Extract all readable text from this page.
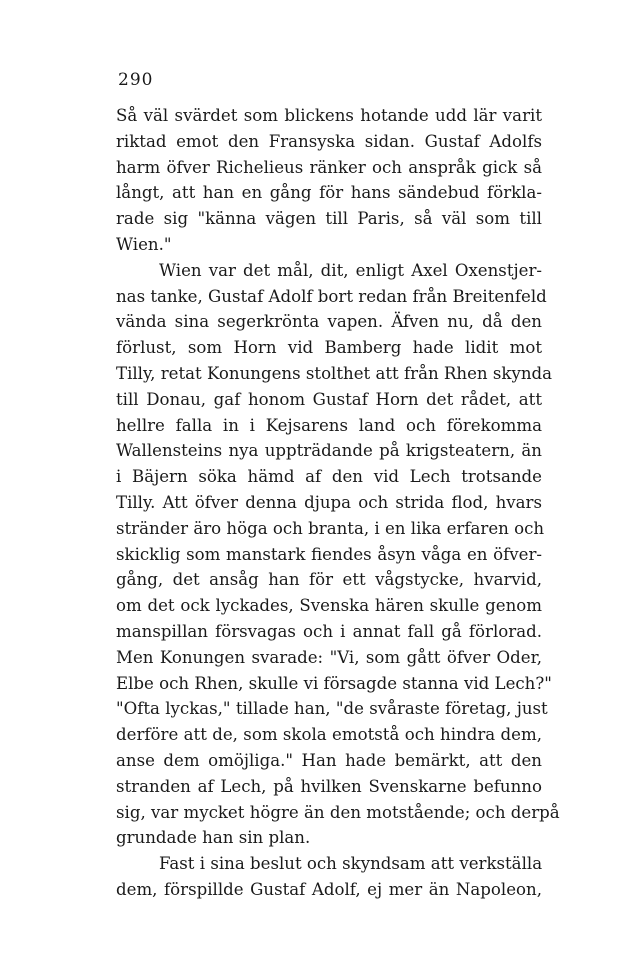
290
Så väl svärdet som blickens hotande udd lär varit
riktad emot den Fransyska sidan. Gustaf Adolfs
harm öfver Richelieus ränker och anspråk gick så
långt, att han en gång för hans sändebud förkla-
rade sig "känna vägen till Paris, så väl som till
Wien."
Wien var det mål, dit, enligt Axel Oxenstjer-
nas tanke, Gustaf Adolf bort redan från Breitenfeld
vända sina segerkrönta vapen. Äfven nu, då den
förlust, som Horn vid Bamberg hade lidit mot
Tilly, retat Konungens stolthet att från Rhen skynda
till Donau, gaf honom Gustaf Horn det rådet, att
hellre falla in i Kejsarens land och förekomma
Wallensteins nya uppträdande på krigsteatern, än
i Bäjern söka hämd af den vid Lech trotsande
Tilly. Att öfver denna djupa och strida flod, hvars
stränder äro höga och branta, i en lika erfaren och
skicklig som manstark fiendes åsyn våga en öfver-
gång, det ansåg han för ett vågstycke, hvarvid,
om det ock lyckades, Svenska hären skulle genom
manspillan försvagas och i annat fall gå förlorad.
Men Konungen svarade: "Vi, som gått öfver Oder,
Elbe och Rhen, skulle vi försagde stanna vid Lech?"
"Ofta lyckas," tillade han, "de svåraste företag, just
derföre att de, som skola emotstå och hindra dem,
anse dem omöjliga." Han hade bemärkt, att den
stranden af Lech, på hvilken Svenskarne befunno
sig, var mycket högre än den motstående; och derpå
grundade han sin plan.
Fast i sina beslut och skyndsam att verkställa
dem, förspillde Gustaf Adolf, ej mer än Napoleon,
